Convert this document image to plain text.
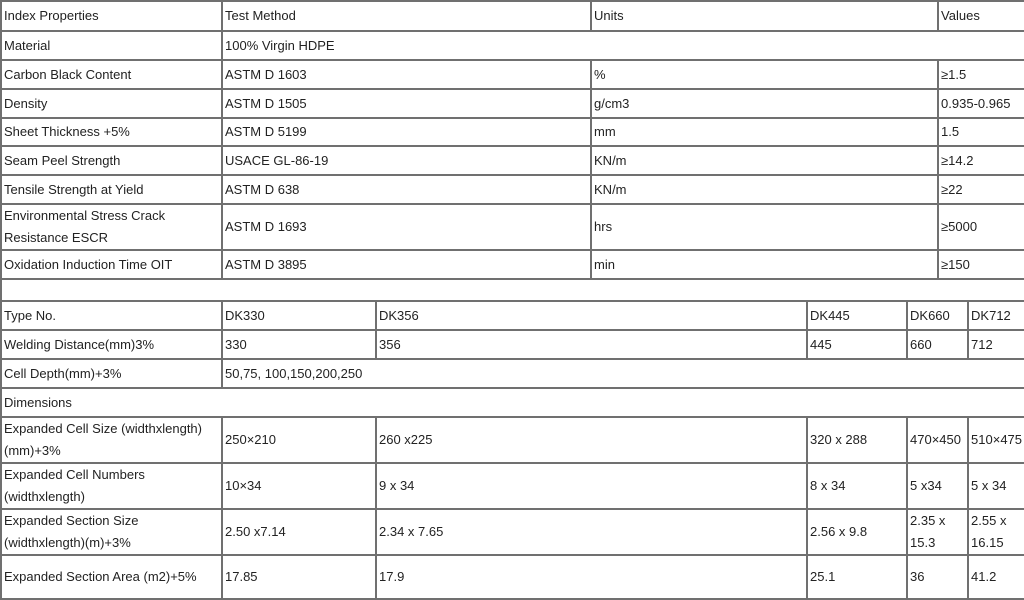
Index Properties	Test Method		Units			Values	
Material	100% Virgin HDPE						
Carbon Black Content	ASTM D 1603		%			≥1.5	
Density	ASTM D 1505		g/cm3			0.935-0.965	
Sheet Thickness +5%	ASTM D 5199		mm			1.5	
Seam Peel Strength	USACE GL-86-19		KN/m			≥14.2	
Tensile Strength at Yield	ASTM D 638		KN/m			≥22	
Environmental Stress Crack Resistance ESCR	ASTM D 1693		hrs			≥5000	
Oxidation Induction Time OIT	ASTM D 3895		min			≥150	

Type No.	DK330	DK356		DK445	DK660		DK712
Welding Distance(mm)3%	330	356		445	660		712
Cell Depth(mm)+3%	50,75, 100,150,200,250						
Dimensions							
Expanded Cell Size (widthxlength)(mm)+3%	250×210	260 x225		320 x 288	470×450		510×475
Expanded Cell Numbers (widthxlength)	10×34	9 x 34		8 x 34	5 x34		5 x 34
Expanded Section Size (widthxlength)(m)+3%	2.50 x7.14	2.34 x 7.65		2.56 x 9.8	2.35 x 15.3		2.55 x 16.15
Expanded Section Area (m2)+5%	17.85	17.9		25.1	36		41.2
